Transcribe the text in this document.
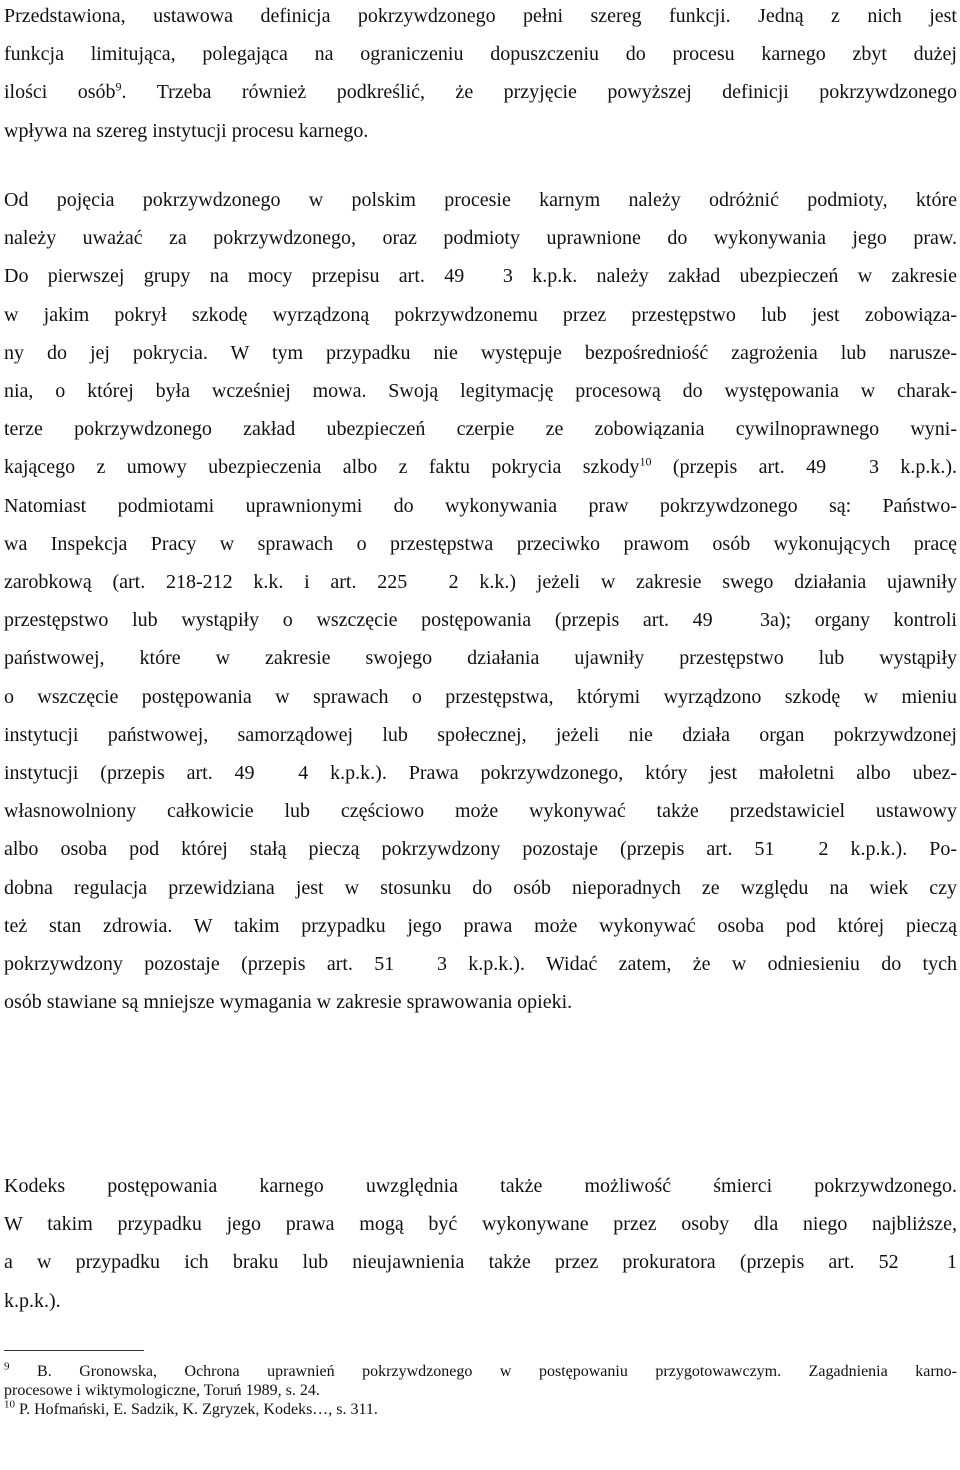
Przedstawiona, ustawowa definicja pokrzywdzonego pełni szereg funkcji. Jedną z nich jest
funkcja limitująca, polegająca na ograniczeniu dopuszczeniu do procesu karnego zbyt dużej
ilości osób$^9$. Trzeba również podkreślić, że przyjęcie powyższej definicji pokrzywdzonego
wpływa na szereg instytucji procesu karnego.
Od pojęcia pokrzywdzonego w polskim procesie karnym należy odróżnić podmioty, które
należy uważać za pokrzywdzonego, oraz podmioty uprawnione do wykonywania jego praw.
Do pierwszej grupy na mocy przepisu art. 49  3 k.p.k. należy zakład ubezpieczeń w zakresie
w jakim pokrył szkodę wyrządzoną pokrzywdzonemu przez przestępstwo lub jest zobowiąza-
ny do jej pokrycia. W tym przypadku nie występuje bezpośredniość zagrożenia lub narusze-
nia, o której była wcześniej mowa. Swoją legitymację procesową do występowania w charak-
terze pokrzywdzonego zakład ubezpieczeń czerpie ze zobowiązania cywilnoprawnego wyni-
kającego z umowy ubezpieczenia albo z faktu pokrycia szkody$^{10}$ (przepis art. 49  3 k.p.k.).
Natomiast podmiotami uprawnionymi do wykonywania praw pokrzywdzonego są: Państwo-
wa Inspekcja Pracy w sprawach o przestępstwa przeciwko prawom osób wykonujących pracę
zarobkową (art. 218-212 k.k. i art. 225  2 k.k.) jeżeli w zakresie swego działania ujawniły
przestępstwo lub wystąpiły o wszczęcie postępowania (przepis art. 49  3a); organy kontroli
państwowej, które w zakresie swojego działania ujawniły przestępstwo lub wystąpiły
o wszczęcie postępowania w sprawach o przestępstwa, którymi wyrządzono szkodę w mieniu
instytucji państwowej, samorządowej lub społecznej, jeżeli nie działa organ pokrzywdzonej
instytucji (przepis art. 49  4 k.p.k.). Prawa pokrzywdzonego, który jest małoletni albo ubez-
własnowolniony całkowicie lub częściowo może wykonywać także przedstawiciel ustawowy
albo osoba pod której stałą pieczą pokrzywdzony pozostaje (przepis art. 51  2 k.p.k.). Po-
dobna regulacja przewidziana jest w stosunku do osób nieporadnych ze względu na wiek czy
też stan zdrowia. W takim przypadku jego prawa może wykonywać osoba pod której pieczą
pokrzywdzony pozostaje (przepis art. 51  3 k.p.k.). Widać zatem, że w odniesieniu do tych
osób stawiane są mniejsze wymagania w zakresie sprawowania opieki.
Kodeks postępowania karnego uwzględnia także możliwość śmierci pokrzywdzonego.
W takim przypadku jego prawa mogą być wykonywane przez osoby dla niego najbliższe,
a w przypadku ich braku lub nieujawnienia także przez prokuratora (przepis art. 52  1
k.p.k.).
$^9$ B. Gronowska, Ochrona uprawnień pokrzywdzonego w postępowaniu przygotowawczym. Zagadnienia karno-
procesowe i wiktymologiczne, Toruń 1989, s. 24.
$^{10}$ P. Hofmański, E. Sadzik, K. Zgryzek, Kodeks…, s. 311.
